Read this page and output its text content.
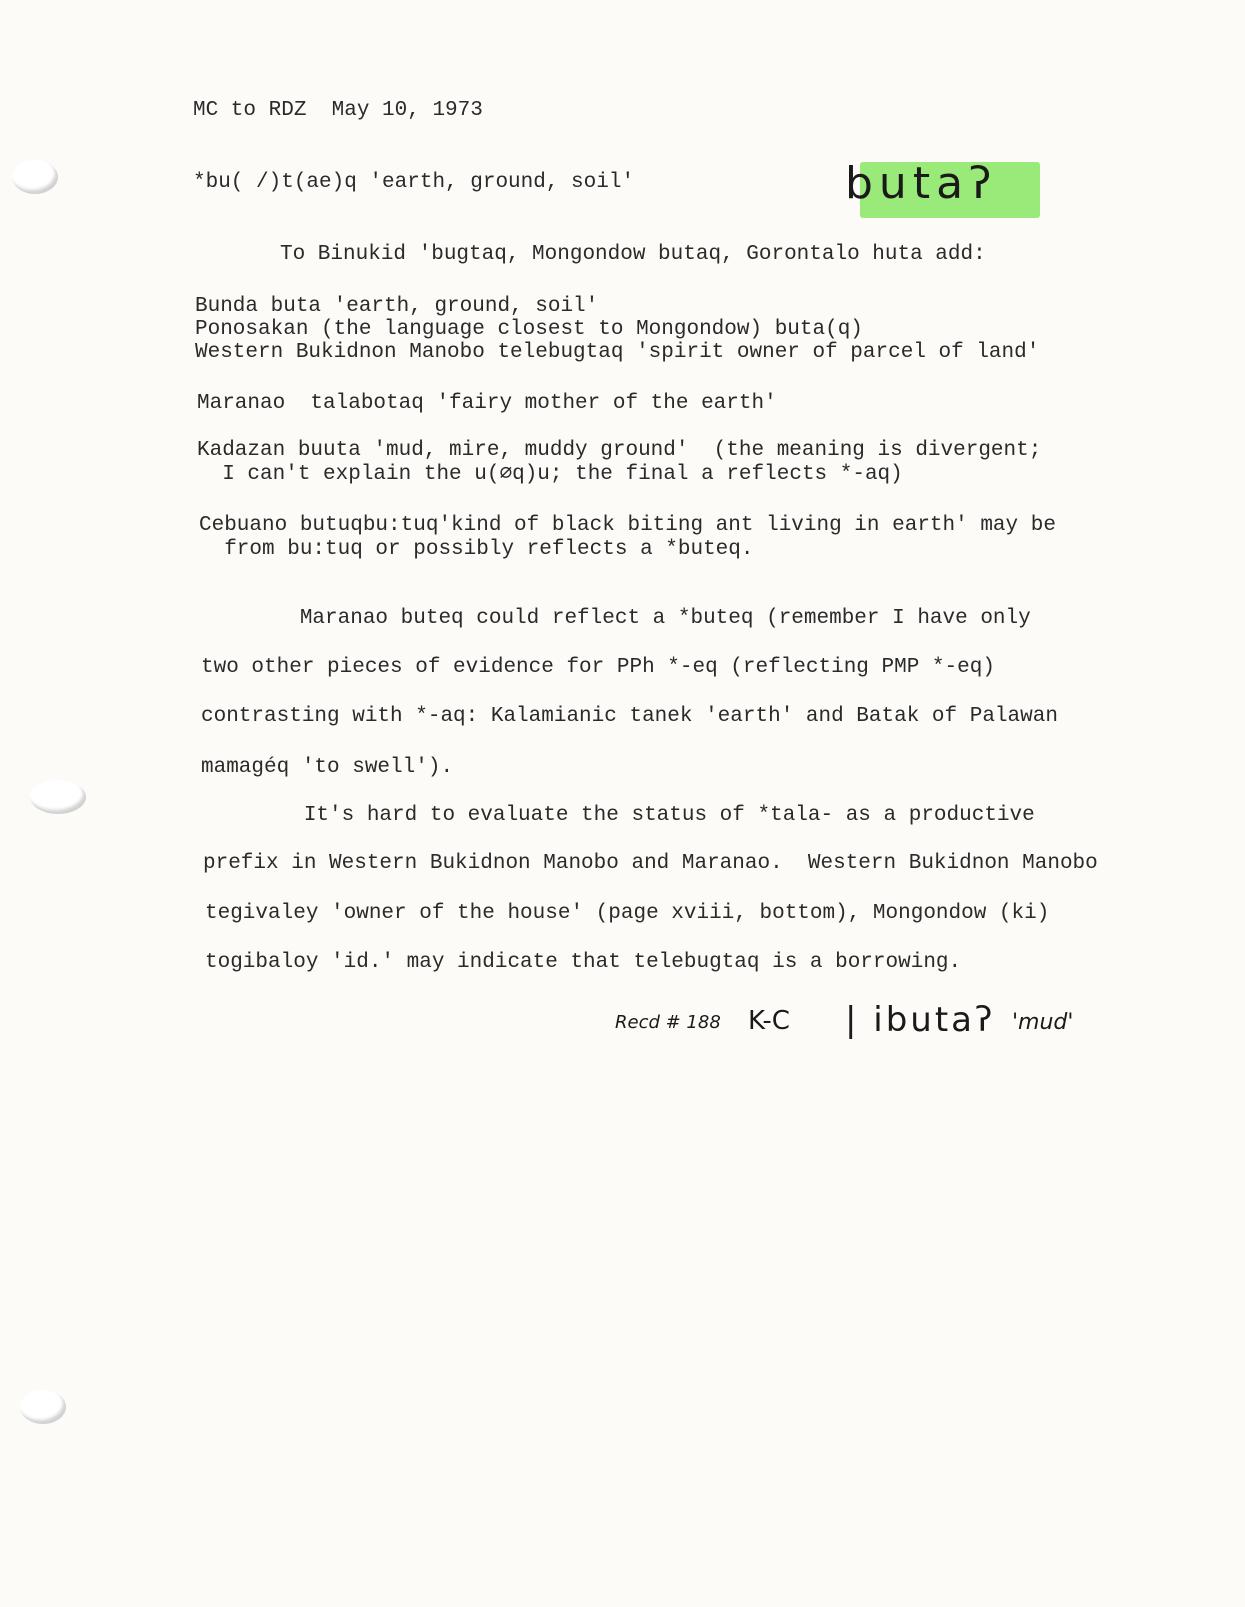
MC to RDZ  May 10, 1973
*bu( /)t(ae)q 'earth, ground, soil'	butaʔ
To Binukid 'bugtaq, Mongondow butaq, Gorontalo huta add:
Bunda buta 'earth, ground, soil'
Ponosakan (the language closest to Mongondow) buta(q)
Western Bukidnon Manobo telebugtaq 'spirit owner of parcel of land'
Maranao  talabotaq 'fairy mother of the earth'
Kadazan buuta 'mud, mire, muddy ground'  (the meaning is divergent;
I can't explain the u(∅q)u; the final a reflects *-aq)
Cebuano butuqbu:tuq'kind of black biting ant living in earth' may be
from bu:tuq or possibly reflects a *buteq.
Maranao buteq could reflect a *buteq (remember I have only
two other pieces of evidence for PPh *-eq (reflecting PMP *-eq)
contrasting with *-aq: Kalamianic tanek 'earth' and Batak of Palawan
mamagéq 'to swell').
It's hard to evaluate the status of *tala- as a productive
prefix in Western Bukidnon Manobo and Maranao.  Western Bukidnon Manobo
tegivaley 'owner of the house' (page xviii, bottom), Mongondow (ki)
togibaloy 'id.' may indicate that telebugtaq is a borrowing.
Recd # 188 K-C | ibutaʔ 'mud'
